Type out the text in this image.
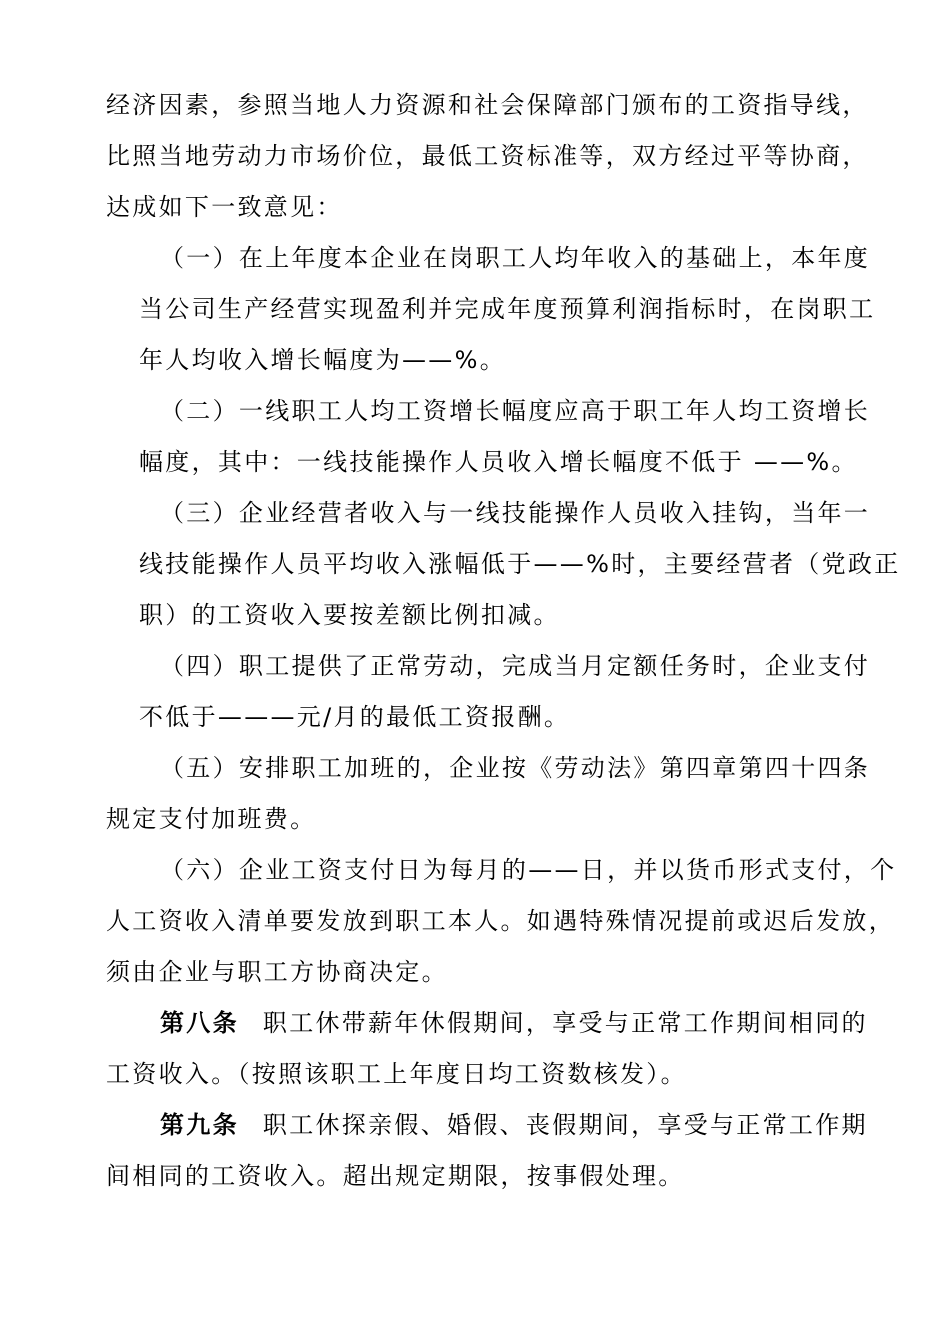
经济因素，参照当地人力资源和社会保障部门颁布的工资指导线，
比照当地劳动力市场价位，最低工资标准等，双方经过平等协商，
达成如下一致意见：
（一）在上年度本企业在岗职工人均年收入的基础上，本年度
当公司生产经营实现盈利并完成年度预算利润指标时，在岗职工
年人均收入增长幅度为——%。
（二）一线职工人均工资增长幅度应高于职工年人均工资增长
幅度，其中：一线技能操作人员收入增长幅度不低于 ——%。
（三）企业经营者收入与一线技能操作人员收入挂钩，当年一
线技能操作人员平均收入涨幅低于——%时，主要经营者（党政正
职）的工资收入要按差额比例扣减。
（四）职工提供了正常劳动，完成当月定额任务时，企业支付
不低于———元/月的最低工资报酬。
（五）安排职工加班的，企业按《劳动法》第四章第四十四条
规定支付加班费。
（六）企业工资支付日为每月的——日，并以货币形式支付，个
人工资收入清单要发放到职工本人。如遇特殊情况提前或迟后发放，
须由企业与职工方协商决定。
第八条 职工休带薪年休假期间，享受与正常工作期间相同的
工资收入。（按照该职工上年度日均工资数核发）。
第九条 职工休探亲假、婚假、丧假期间，享受与正常工作期
间相同的工资收入。超出规定期限，按事假处理。
